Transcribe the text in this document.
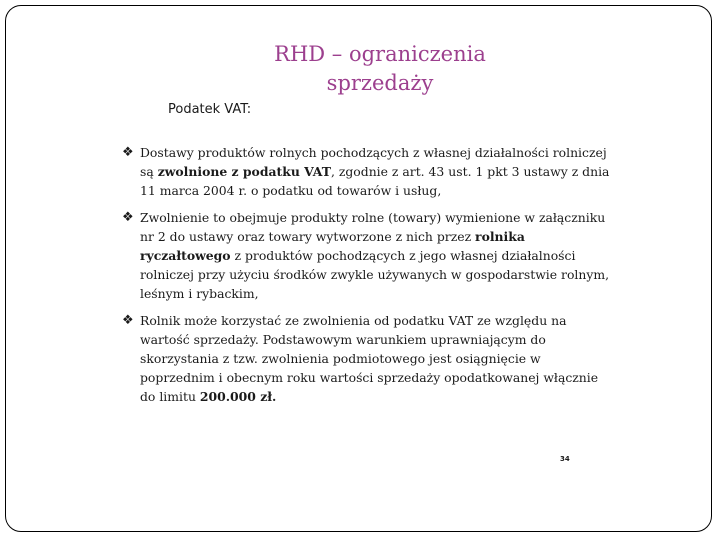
RHD – ograniczenia
sprzedaży
Podatek VAT:
❖ Dostawy produktów rolnych pochodzących z własnej działalności rolniczej są zwolnione z podatku VAT, zgodnie z art. 43 ust. 1 pkt 3 ustawy z dnia 11 marca 2004 r. o podatku od towarów i usług,
❖ Zwolnienie to obejmuje produkty rolne (towary) wymienione w załączniku nr 2 do ustawy oraz towary wytworzone z nich przez rolnika ryczałtowego z produktów pochodzących z jego własnej działalności rolniczej przy użyciu środków zwykle używanych w gospodarstwie rolnym, leśnym i rybackim,
❖ Rolnik może korzystać ze zwolnienia od podatku VAT ze względu na wartość sprzedaży. Podstawowym warunkiem uprawniającym do skorzystania z tzw. zwolnienia podmiotowego jest osiągnięcie w poprzednim i obecnym roku wartości sprzedaży opodatkowanej włącznie do limitu 200.000 zł.
34
